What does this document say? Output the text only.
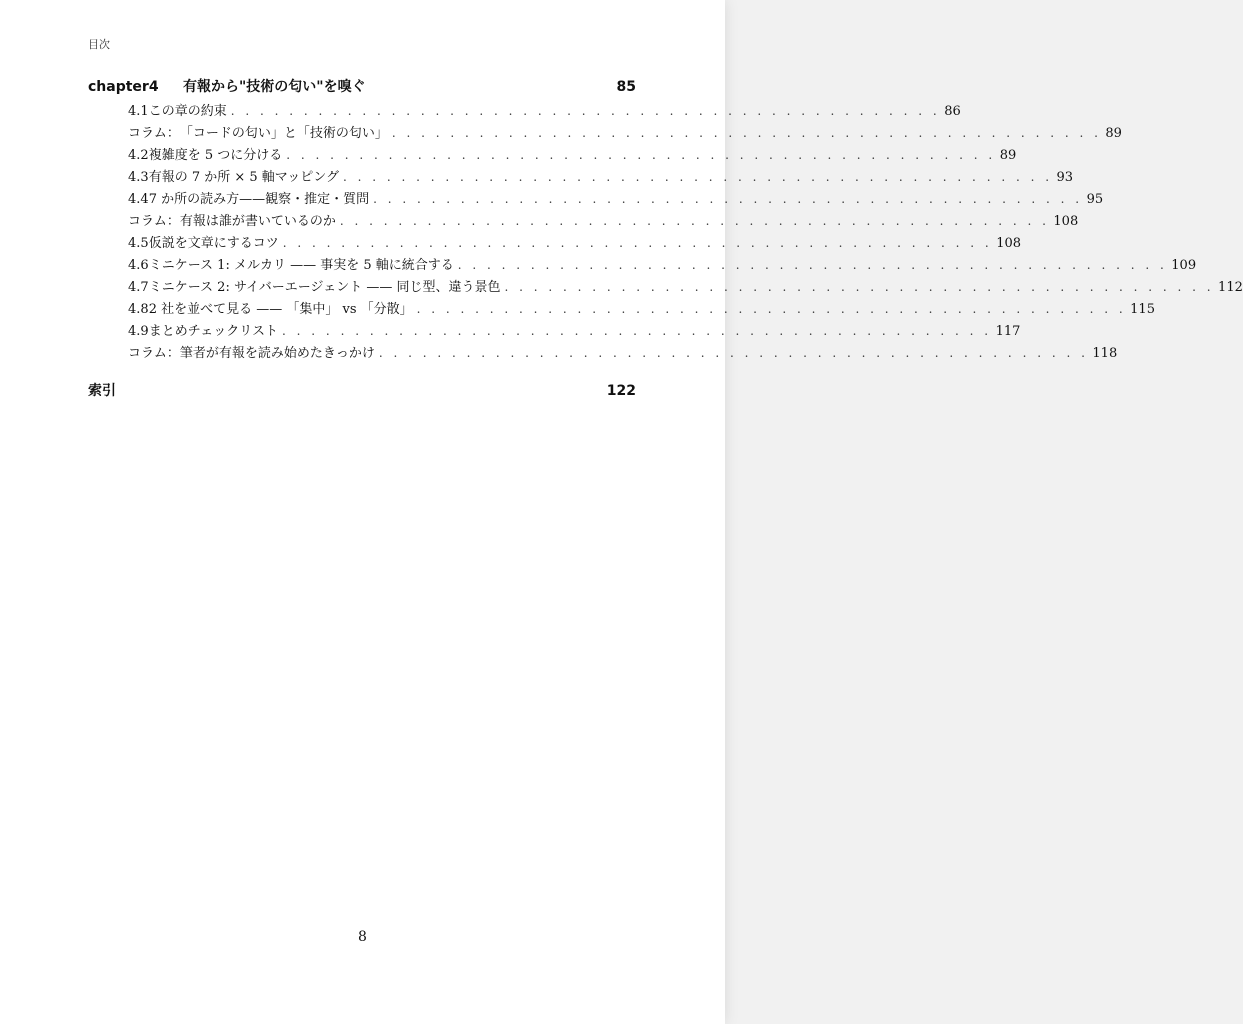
目次
chapter4	有報から"技術の匂い"を嗅ぐ	85
4.1 この章の約束 . . . . . . . . . . . . . . . . . . . . . . . . . . . . . . . . . . . . . . . . . . . . . . . . . 86
コラム： 「コードの匂い」と「技術の匂い」 . . . . . . . . . . . . . . . . . . . . . . . . . . . . . . . . . . . . . . . . . . . . . . . . . 89
4.2 複雑度を 5 つに分ける . . . . . . . . . . . . . . . . . . . . . . . . . . . . . . . . . . . . . . . . . . . . . . . . . 89
4.3 有報の 7 か所 × 5 軸マッピング . . . . . . . . . . . . . . . . . . . . . . . . . . . . . . . . . . . . . . . . . . . . . . . . . 93
4.4 7 か所の読み方——観察・推定・質問 . . . . . . . . . . . . . . . . . . . . . . . . . . . . . . . . . . . . . . . . . . . . . . . . . 95
コラム： 有報は誰が書いているのか . . . . . . . . . . . . . . . . . . . . . . . . . . . . . . . . . . . . . . . . . . . . . . . . . 108
4.5 仮説を文章にするコツ . . . . . . . . . . . . . . . . . . . . . . . . . . . . . . . . . . . . . . . . . . . . . . . . . 108
4.6 ミニケース 1: メルカリ —— 事実を 5 軸に統合する . . . . . . . . . . . . . . . . . . . . . . . . . . . . . . . . . . . . . . . . . . . . . . . . . 109
4.7 ミニケース 2: サイバーエージェント —— 同じ型、違う景色 . . . . . . . . . . . . . . . . . . . . . . . . . . . . . . . . . . . . . . . . . . . . . . . . . 112
4.8 2 社を並べて見る —— 「集中」 vs 「分散」 . . . . . . . . . . . . . . . . . . . . . . . . . . . . . . . . . . . . . . . . . . . . . . . . . 115
4.9 まとめチェックリスト . . . . . . . . . . . . . . . . . . . . . . . . . . . . . . . . . . . . . . . . . . . . . . . . . 117
コラム： 筆者が有報を読み始めたきっかけ . . . . . . . . . . . . . . . . . . . . . . . . . . . . . . . . . . . . . . . . . . . . . . . . . 118
索引	122
8
